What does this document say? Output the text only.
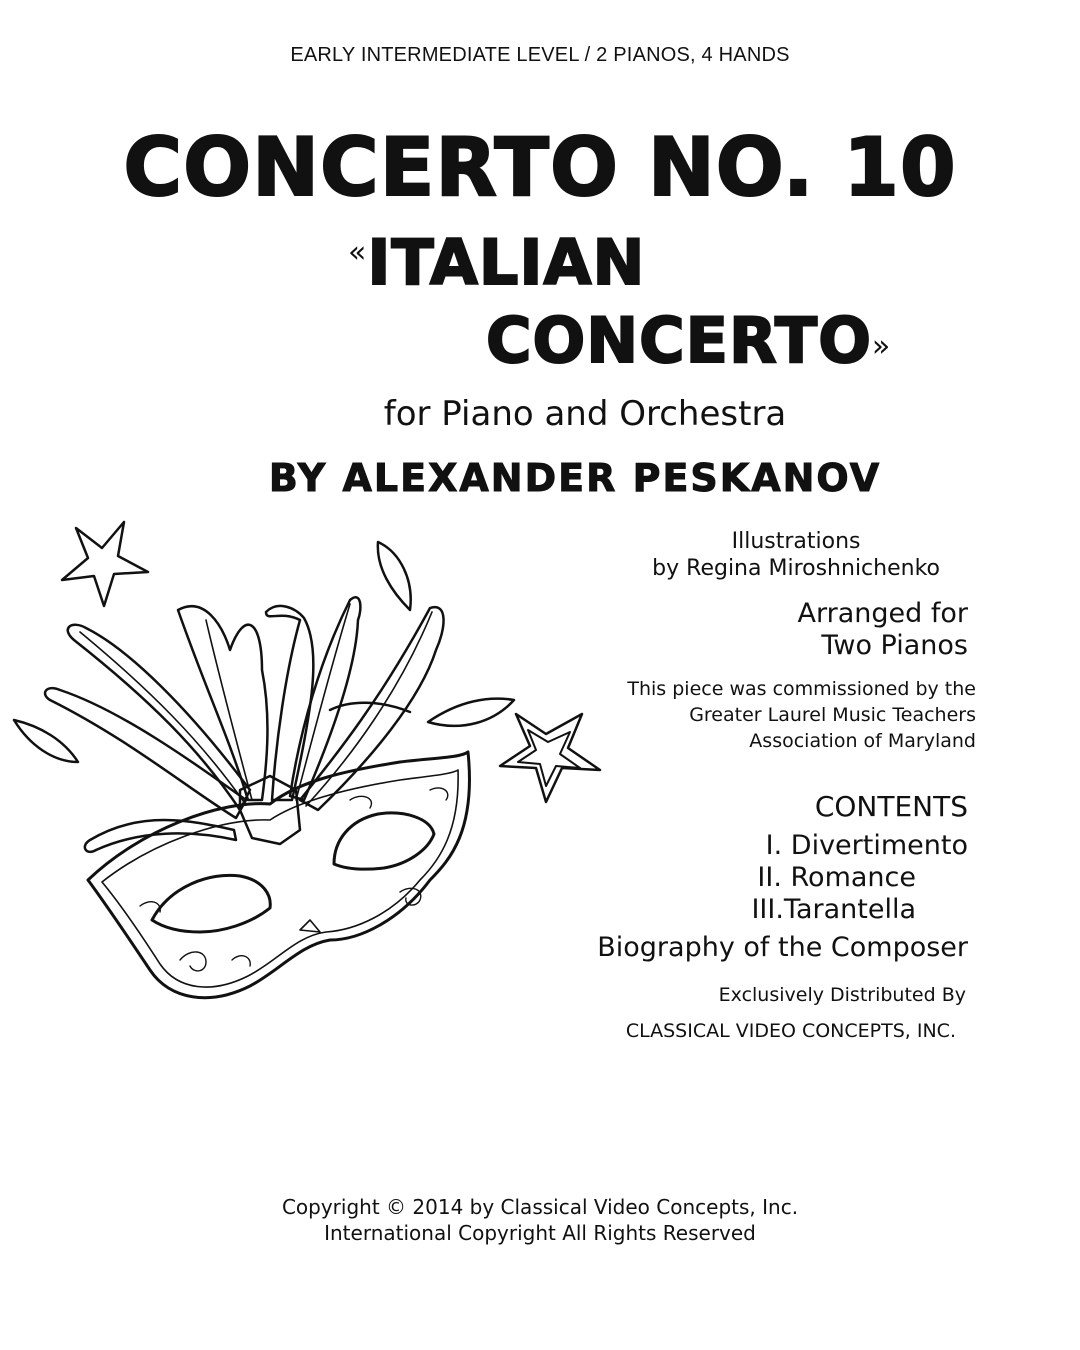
EARLY INTERMEDIATE LEVEL / 2 PIANOS, 4 HANDS
CONCERTO NO. 10
«ITALIAN
CONCERTO»
for Piano and Orchestra
BY ALEXANDER PESKANOV
Illustrations
by Regina Miroshnichenko
Arranged for
Two Pianos
This piece was commissioned by the
Greater Laurel Music Teachers
Association of Maryland
CONTENTS
I. Divertimento
II. Romance
III.Tarantella
Biography of the Composer
Exclusively Distributed By
CLASSICAL VIDEO CONCEPTS, INC.
Copyright © 2014 by Classical Video Concepts, Inc.
International Copyright All Rights Reserved
